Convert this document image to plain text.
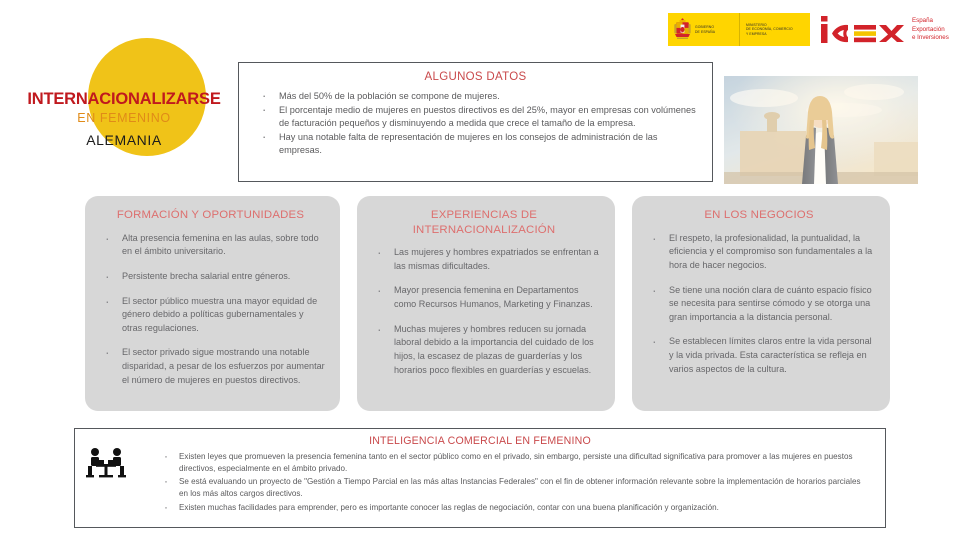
GOBIERNO
DE ESPAÑA
MINISTERIO
DE ECONOMÍA, COMERCIO
Y EMPRESA
España
Exportación
e Inversiones
INTERNACIONALIZARSE
EN FEMENINO
ALEMANIA
ALGUNOS DATOS
· Más del 50% de la población se compone de mujeres.
· El porcentaje medio de mujeres en puestos directivos es del 25%, mayor en empresas con volúmenes de facturación pequeños y disminuyendo a medida que crece el tamaño de la empresa.
· Hay una notable falta de representación de mujeres en los consejos de administración de las empresas.
FORMACIÓN Y OPORTUNIDADES
· Alta presencia femenina en las aulas, sobre todo en el ámbito universitario.
· Persistente brecha salarial entre géneros.
· El sector público muestra una mayor equidad de género debido a políticas gubernamentales y otras regulaciones.
· El sector privado sigue mostrando una notable disparidad, a pesar de los esfuerzos por aumentar el número de mujeres en puestos directivos.
EXPERIENCIAS DE INTERNACIONALIZACIÓN
· Las mujeres y hombres expatriados se enfrentan a las mismas dificultades.
· Mayor presencia femenina en Departamentos como Recursos Humanos, Marketing y Finanzas.
· Muchas mujeres y hombres reducen su jornada laboral debido a la importancia del cuidado de los hijos, la escasez de plazas de guarderías y los horarios poco flexibles en guarderías y escuelas.
EN LOS NEGOCIOS
· El respeto, la profesionalidad, la puntualidad, la eficiencia y el compromiso son fundamentales a la hora de hacer negocios.
· Se tiene una noción clara de cuánto espacio físico se necesita para sentirse cómodo y se otorga una gran importancia a la distancia personal.
· Se establecen límites claros entre la vida personal y la vida privada. Esta característica se refleja en varios aspectos de la cultura.
INTELIGENCIA COMERCIAL EN FEMENINO
· Existen leyes que promueven la presencia femenina tanto en el sector público como en el privado, sin embargo, persiste una dificultad significativa para promover a las mujeres en puestos directivos, especialmente en el ámbito privado.
· Se está evaluando un proyecto de "Gestión a Tiempo Parcial en las más altas Instancias Federales" con el fin de obtener información relevante sobre la implementación de horarios parciales en los más altos cargos directivos.
· Existen muchas facilidades para emprender, pero es importante conocer las reglas de negociación, contar con una buena planificación y organización.
